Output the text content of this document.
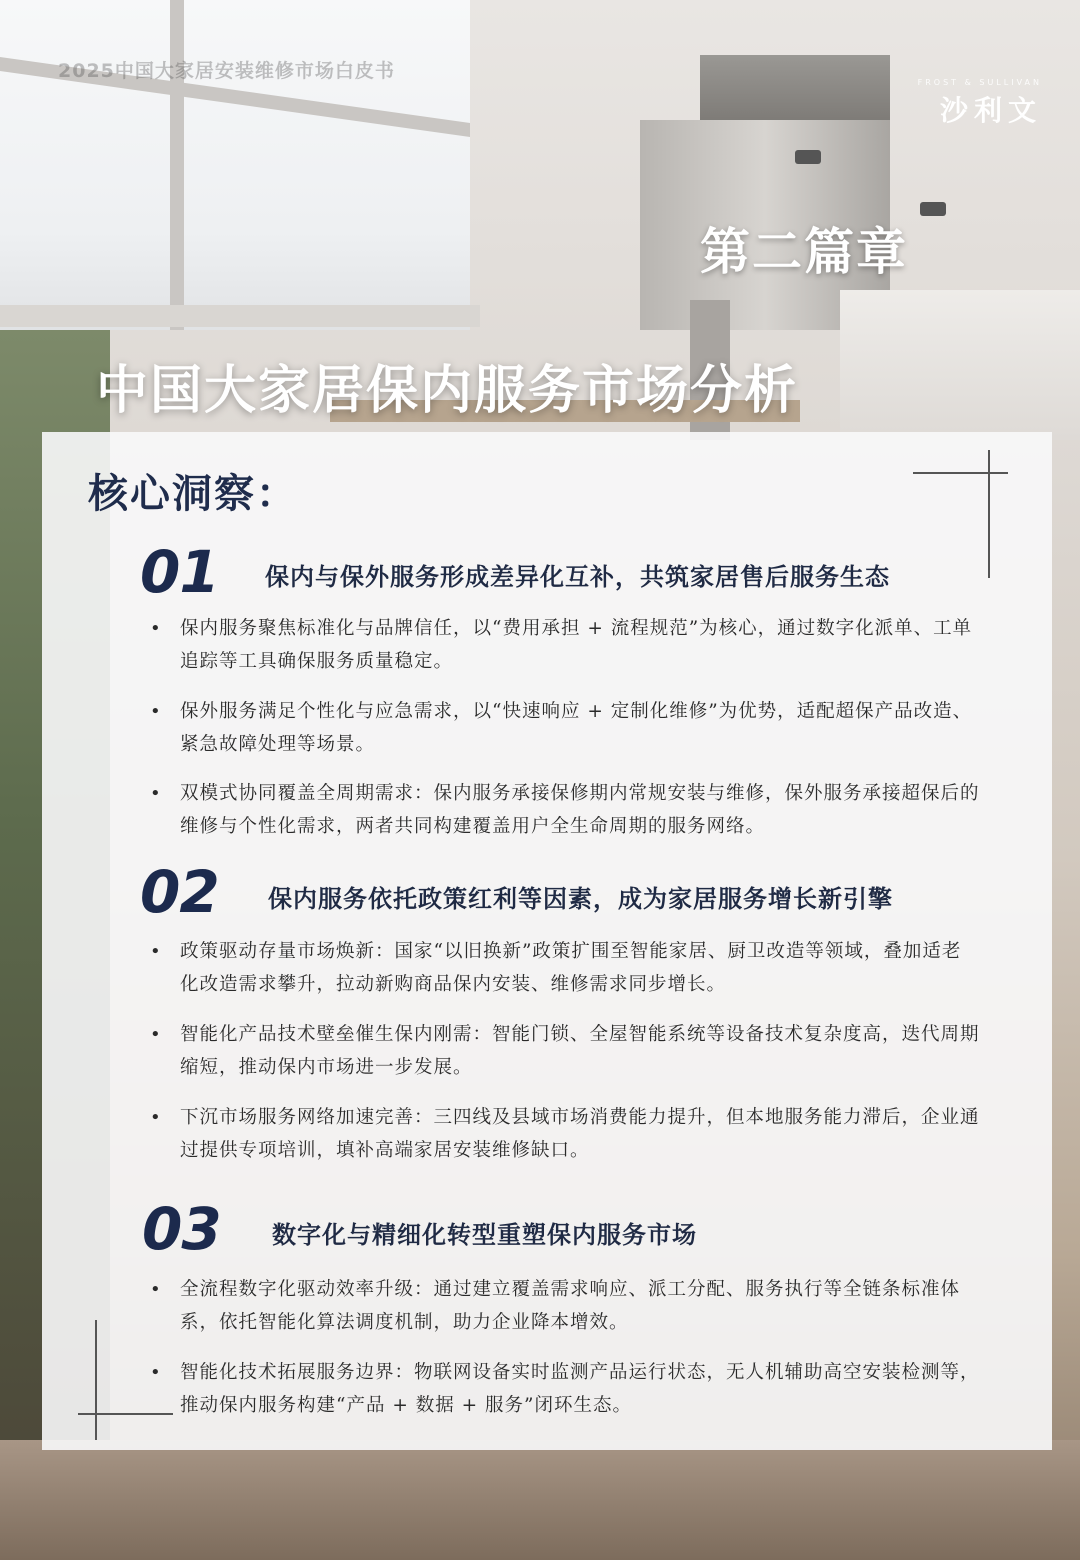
2025中国大家居安装维修市场白皮书
FROST & SULLIVAN
沙利文
第二篇章
中国大家居保内服务市场分析
核心洞察：
01 保内与保外服务形成差异化互补，共筑家居售后服务生态
• 保内服务聚焦标准化与品牌信任，以“费用承担 + 流程规范”为核心，通过数字化派单、工单追踪等工具确保服务质量稳定。
• 保外服务满足个性化与应急需求，以“快速响应 + 定制化维修”为优势，适配超保产品改造、紧急故障处理等场景。
• 双模式协同覆盖全周期需求：保内服务承接保修期内常规安装与维修，保外服务承接超保后的维修与个性化需求，两者共同构建覆盖用户全生命周期的服务网络。
02 保内服务依托政策红利等因素，成为家居服务增长新引擎
• 政策驱动存量市场焕新：国家“以旧换新”政策扩围至智能家居、厨卫改造等领域，叠加适老化改造需求攀升，拉动新购商品保内安装、维修需求同步增长。
• 智能化产品技术壁垒催生保内刚需：智能门锁、全屋智能系统等设备技术复杂度高，迭代周期缩短，推动保内市场进一步发展。
• 下沉市场服务网络加速完善：三四线及县域市场消费能力提升，但本地服务能力滞后，企业通过提供专项培训，填补高端家居安装维修缺口。
03 数字化与精细化转型重塑保内服务市场
• 全流程数字化驱动效率升级：通过建立覆盖需求响应、派工分配、服务执行等全链条标准体系，依托智能化算法调度机制，助力企业降本增效。
• 智能化技术拓展服务边界：物联网设备实时监测产品运行状态，无人机辅助高空安装检测等，推动保内服务构建“产品 + 数据 + 服务”闭环生态。
